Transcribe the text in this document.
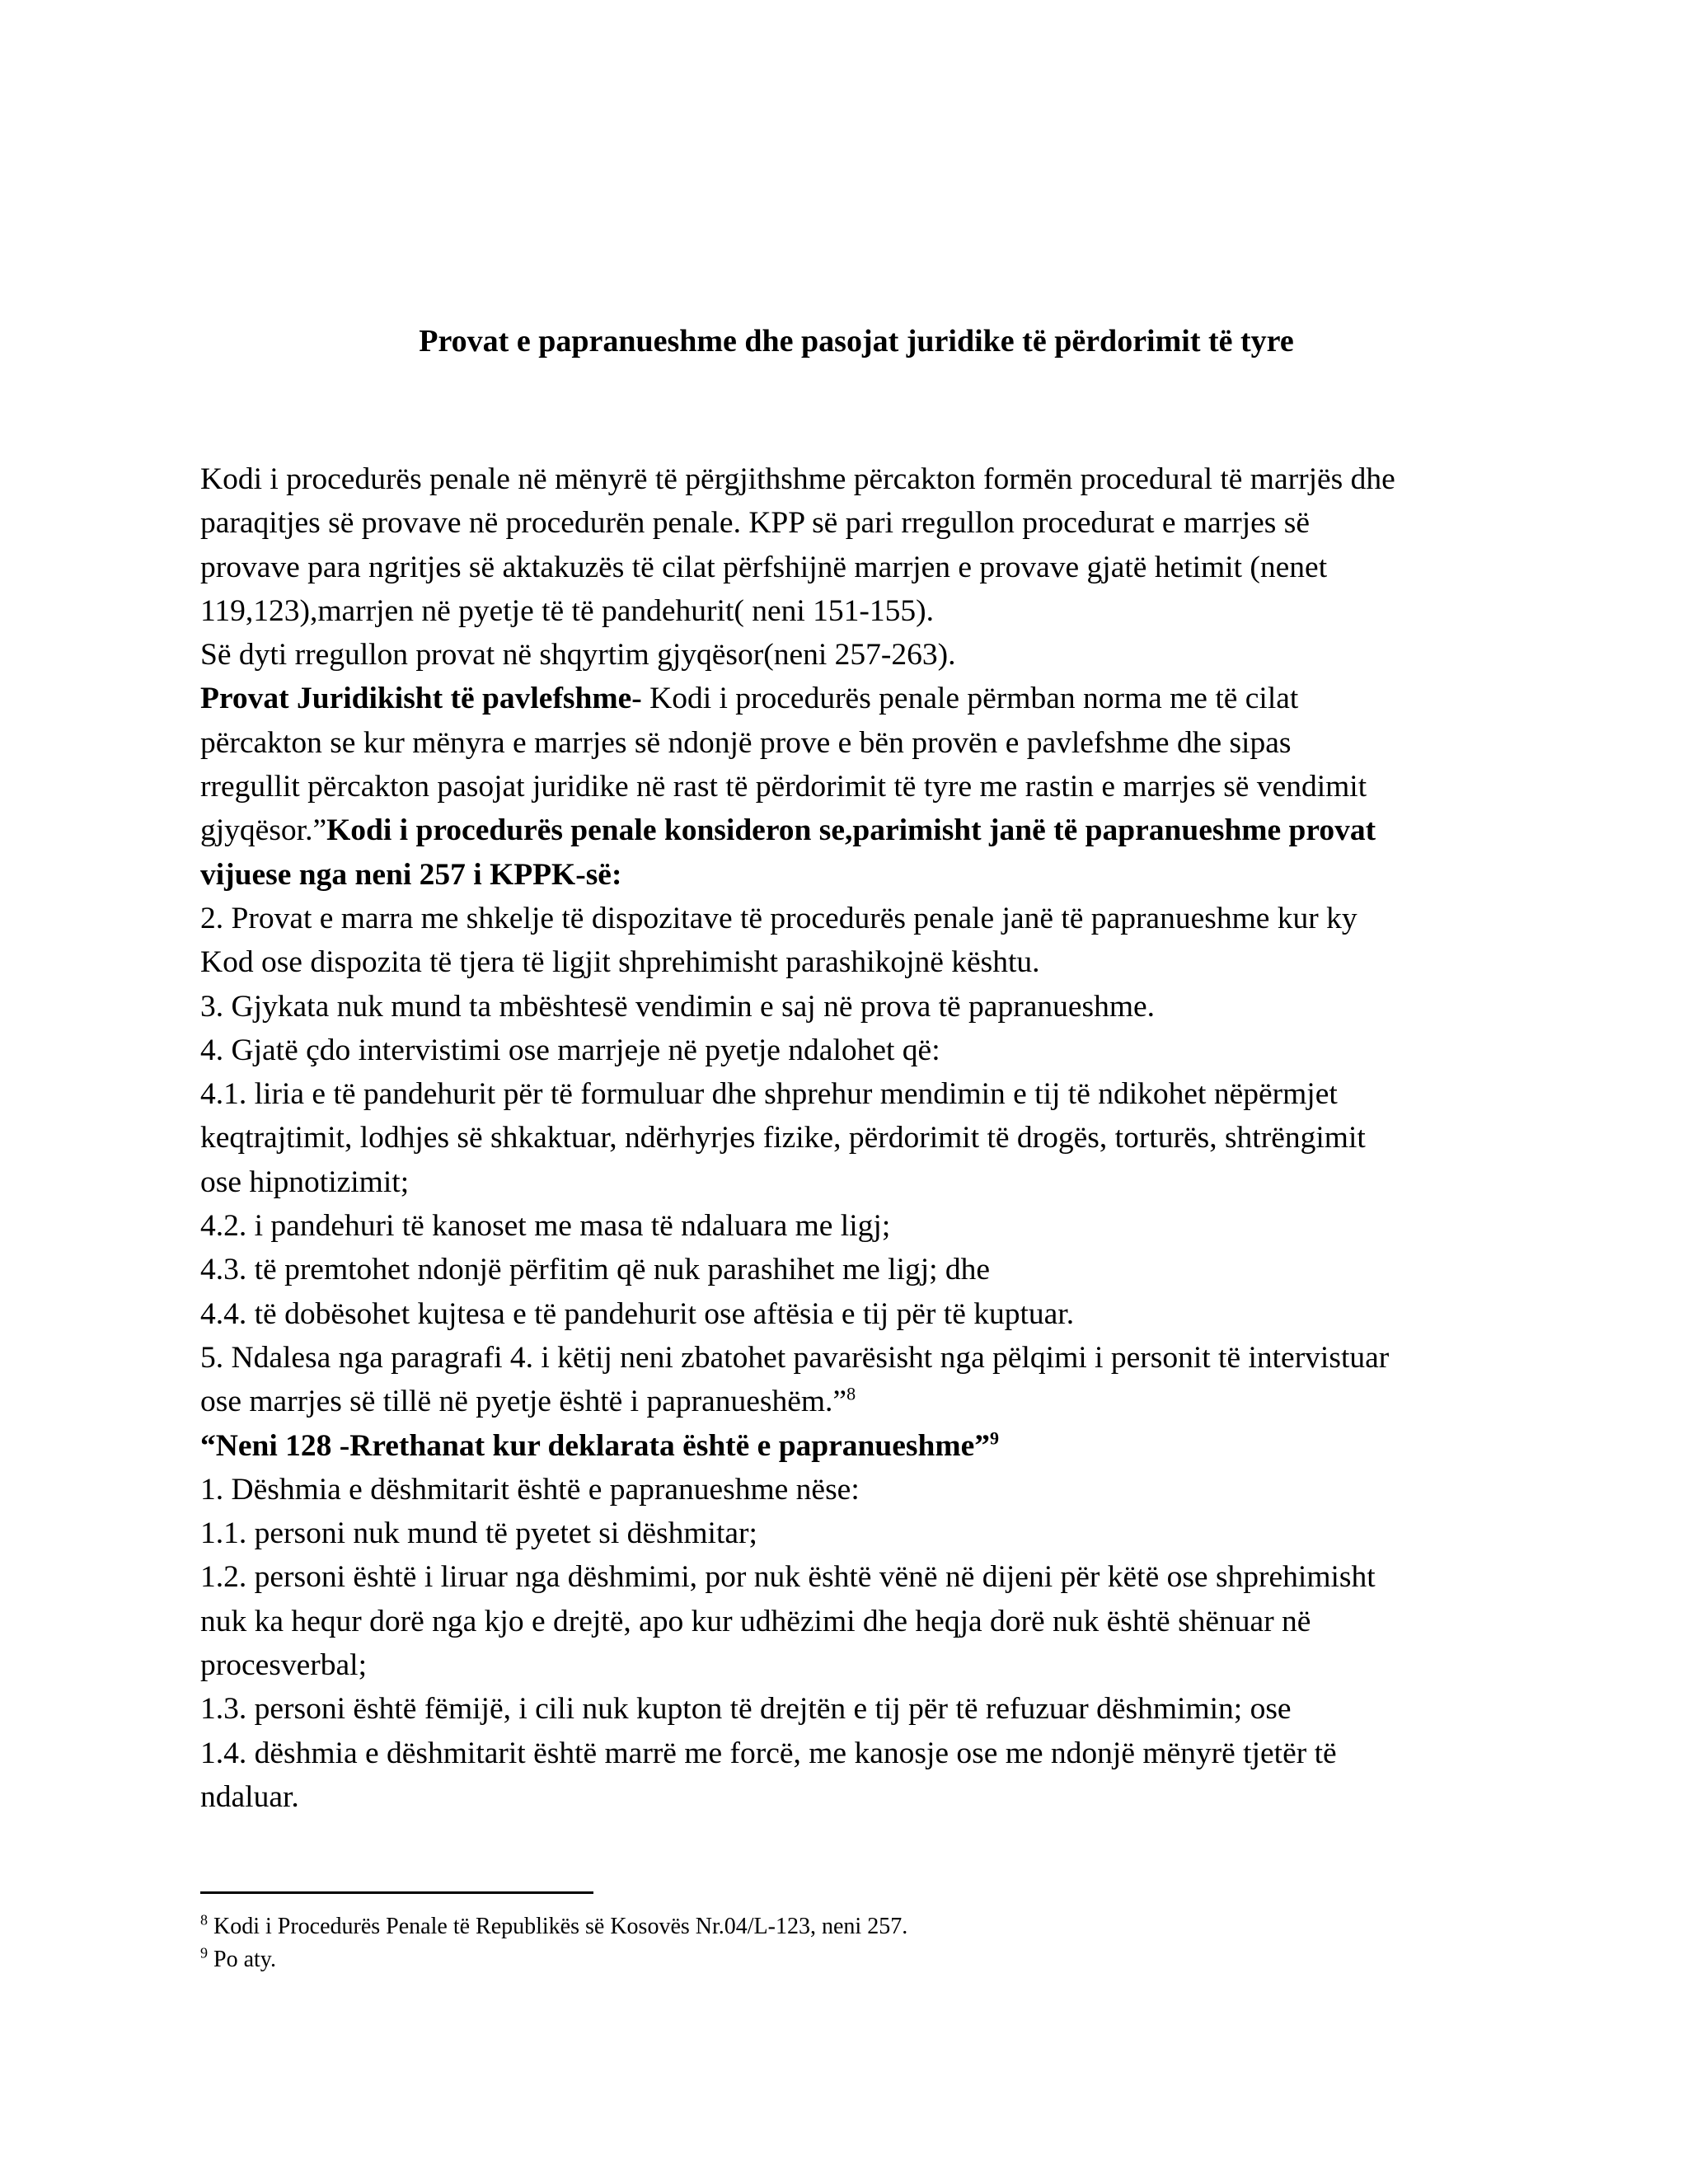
Provat e papranueshme dhe pasojat juridike të përdorimit të tyre

Kodi i procedurës penale në mënyrë të përgjithshme përcakton formën procedural të marrjës dhe

paraqitjes së provave në procedurën penale. KPP së pari rregullon procedurat e marrjes së

provave para ngritjes së aktakuzës të cilat përfshijnë marrjen e provave gjatë hetimit (nenet

119,123),marrjen në pyetje të të pandehurit( neni 151-155).

Së dyti rregullon provat në shqyrtim gjyqësor(neni 257-263).

Provat Juridikisht të pavlefshme- Kodi i procedurës penale përmban norma me të cilat

përcakton se kur mënyra e marrjes së ndonjë prove e bën provën e pavlefshme dhe sipas

rregullit përcakton pasojat juridike në rast të përdorimit të tyre me rastin e marrjes së vendimit

gjyqësor.”Kodi i procedurës penale konsideron se,parimisht janë të papranueshme provat

vijuese nga neni 257 i KPPK-së:

2. Provat e marra me shkelje të dispozitave të procedurës penale janë të papranueshme kur ky

Kod ose dispozita të tjera të ligjit shprehimisht parashikojnë kështu.

3. Gjykata nuk mund ta mbështesë vendimin e saj në prova të papranueshme.

4. Gjatë çdo intervistimi ose marrjeje në pyetje ndalohet që:

4.1. liria e të pandehurit për të formuluar dhe shprehur mendimin e tij të ndikohet nëpërmjet

keqtrajtimit, lodhjes së shkaktuar, ndërhyrjes fizike, përdorimit të drogës, torturës, shtrëngimit

ose hipnotizimit;

4.2. i pandehuri të kanoset me masa të ndaluara me ligj;

4.3. të premtohet ndonjë përfitim që nuk parashihet me ligj; dhe

4.4. të dobësohet kujtesa e të pandehurit ose aftësia e tij për të kuptuar.

5. Ndalesa nga paragrafi 4. i këtij neni zbatohet pavarësisht nga pëlqimi i personit të intervistuar

ose marrjes së tillë në pyetje është i papranueshëm.”$^8$

“Neni 128 -Rrethanat kur deklarata është e papranueshme”$^9$

1. Dëshmia e dëshmitarit është e papranueshme nëse:

1.1. personi nuk mund të pyetet si dëshmitar;

1.2. personi është i liruar nga dëshmimi, por nuk është vënë në dijeni për këtë ose shprehimisht

nuk ka hequr dorë nga kjo e drejtë, apo kur udhëzimi dhe heqja dorë nuk është shënuar në

procesverbal;

1.3. personi është fëmijë, i cili nuk kupton të drejtën e tij për të refuzuar dëshmimin; ose

1.4. dëshmia e dëshmitarit është marrë me forcë, me kanosje ose me ndonjë mënyrë tjetër të

ndaluar.

$^8$ Kodi i Procedurës Penale të Republikës së Kosovës Nr.04/L-123, neni 257.

$^9$ Po aty.
